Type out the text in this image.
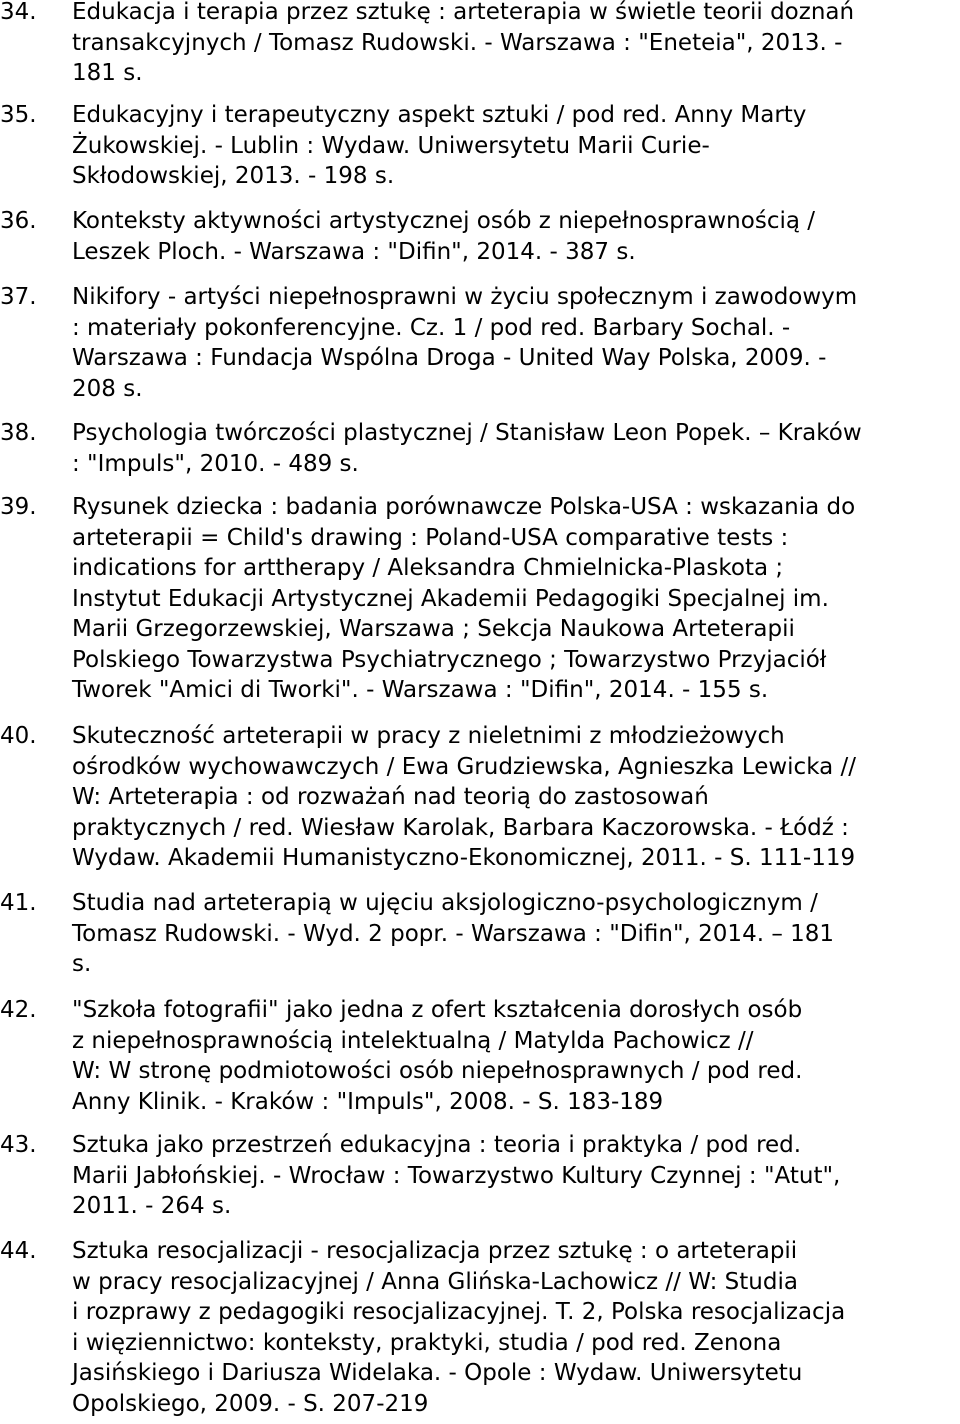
34.	Edukacja i terapia przez sztukę : arteterapia w świetle teorii doznań
transakcyjnych / Tomasz Rudowski. - Warszawa : "Eneteia", 2013. -
181 s.
35.	Edukacyjny i terapeutyczny aspekt sztuki / pod red. Anny Marty
Żukowskiej. - Lublin : Wydaw. Uniwersytetu Marii Curie-
Skłodowskiej, 2013. - 198 s.
36.	Konteksty aktywności artystycznej osób z niepełnosprawnością /
Leszek Ploch. - Warszawa : "Difin", 2014. - 387 s.
37.	Nikifory - artyści niepełnosprawni w życiu społecznym i zawodowym
: materiały pokonferencyjne. Cz. 1 / pod red. Barbary Sochal. -
Warszawa : Fundacja Wspólna Droga - United Way Polska, 2009. -
208 s.
38.	Psychologia twórczości plastycznej / Stanisław Leon Popek. – Kraków
: "Impuls", 2010. - 489 s.
39.	Rysunek dziecka : badania porównawcze Polska-USA : wskazania do
arteterapii = Child's drawing : Poland-USA comparative tests :
indications for arttherapy / Aleksandra Chmielnicka-Plaskota ;
Instytut Edukacji Artystycznej Akademii Pedagogiki Specjalnej im.
Marii Grzegorzewskiej, Warszawa ; Sekcja Naukowa Arteterapii
Polskiego Towarzystwa Psychiatrycznego ; Towarzystwo Przyjaciół
Tworek "Amici di Tworki". - Warszawa : "Difin", 2014. - 155 s.
40.	Skuteczność arteterapii w pracy z nieletnimi z młodzieżowych
ośrodków wychowawczych / Ewa Grudziewska, Agnieszka Lewicka //
W: Arteterapia : od rozważań nad teorią do zastosowań
praktycznych / red. Wiesław Karolak, Barbara Kaczorowska. - Łódź :
Wydaw. Akademii Humanistyczno-Ekonomicznej, 2011. - S. 111-119
41.	Studia nad arteterapią w ujęciu aksjologiczno-psychologicznym /
Tomasz Rudowski. - Wyd. 2 popr. - Warszawa : "Difin", 2014. – 181
s.
42.	"Szkoła fotografii" jako jedna z ofert kształcenia dorosłych osób
z niepełnosprawnością intelektualną / Matylda Pachowicz //
W: W stronę podmiotowości osób niepełnosprawnych / pod red.
Anny Klinik. - Kraków : "Impuls", 2008. - S. 183-189
43.	Sztuka jako przestrzeń edukacyjna : teoria i praktyka / pod red.
Marii Jabłońskiej. - Wrocław : Towarzystwo Kultury Czynnej : "Atut",
2011. - 264 s.
44.	Sztuka resocjalizacji - resocjalizacja przez sztukę : o arteterapii
w pracy resocjalizacyjnej / Anna Glińska-Lachowicz // W: Studia
i rozprawy z pedagogiki resocjalizacyjnej. T. 2, Polska resocjalizacja
i więziennictwo: konteksty, praktyki, studia / pod red. Zenona
Jasińskiego i Dariusza Widelaka. - Opole : Wydaw. Uniwersytetu
Opolskiego, 2009. - S. 207-219
